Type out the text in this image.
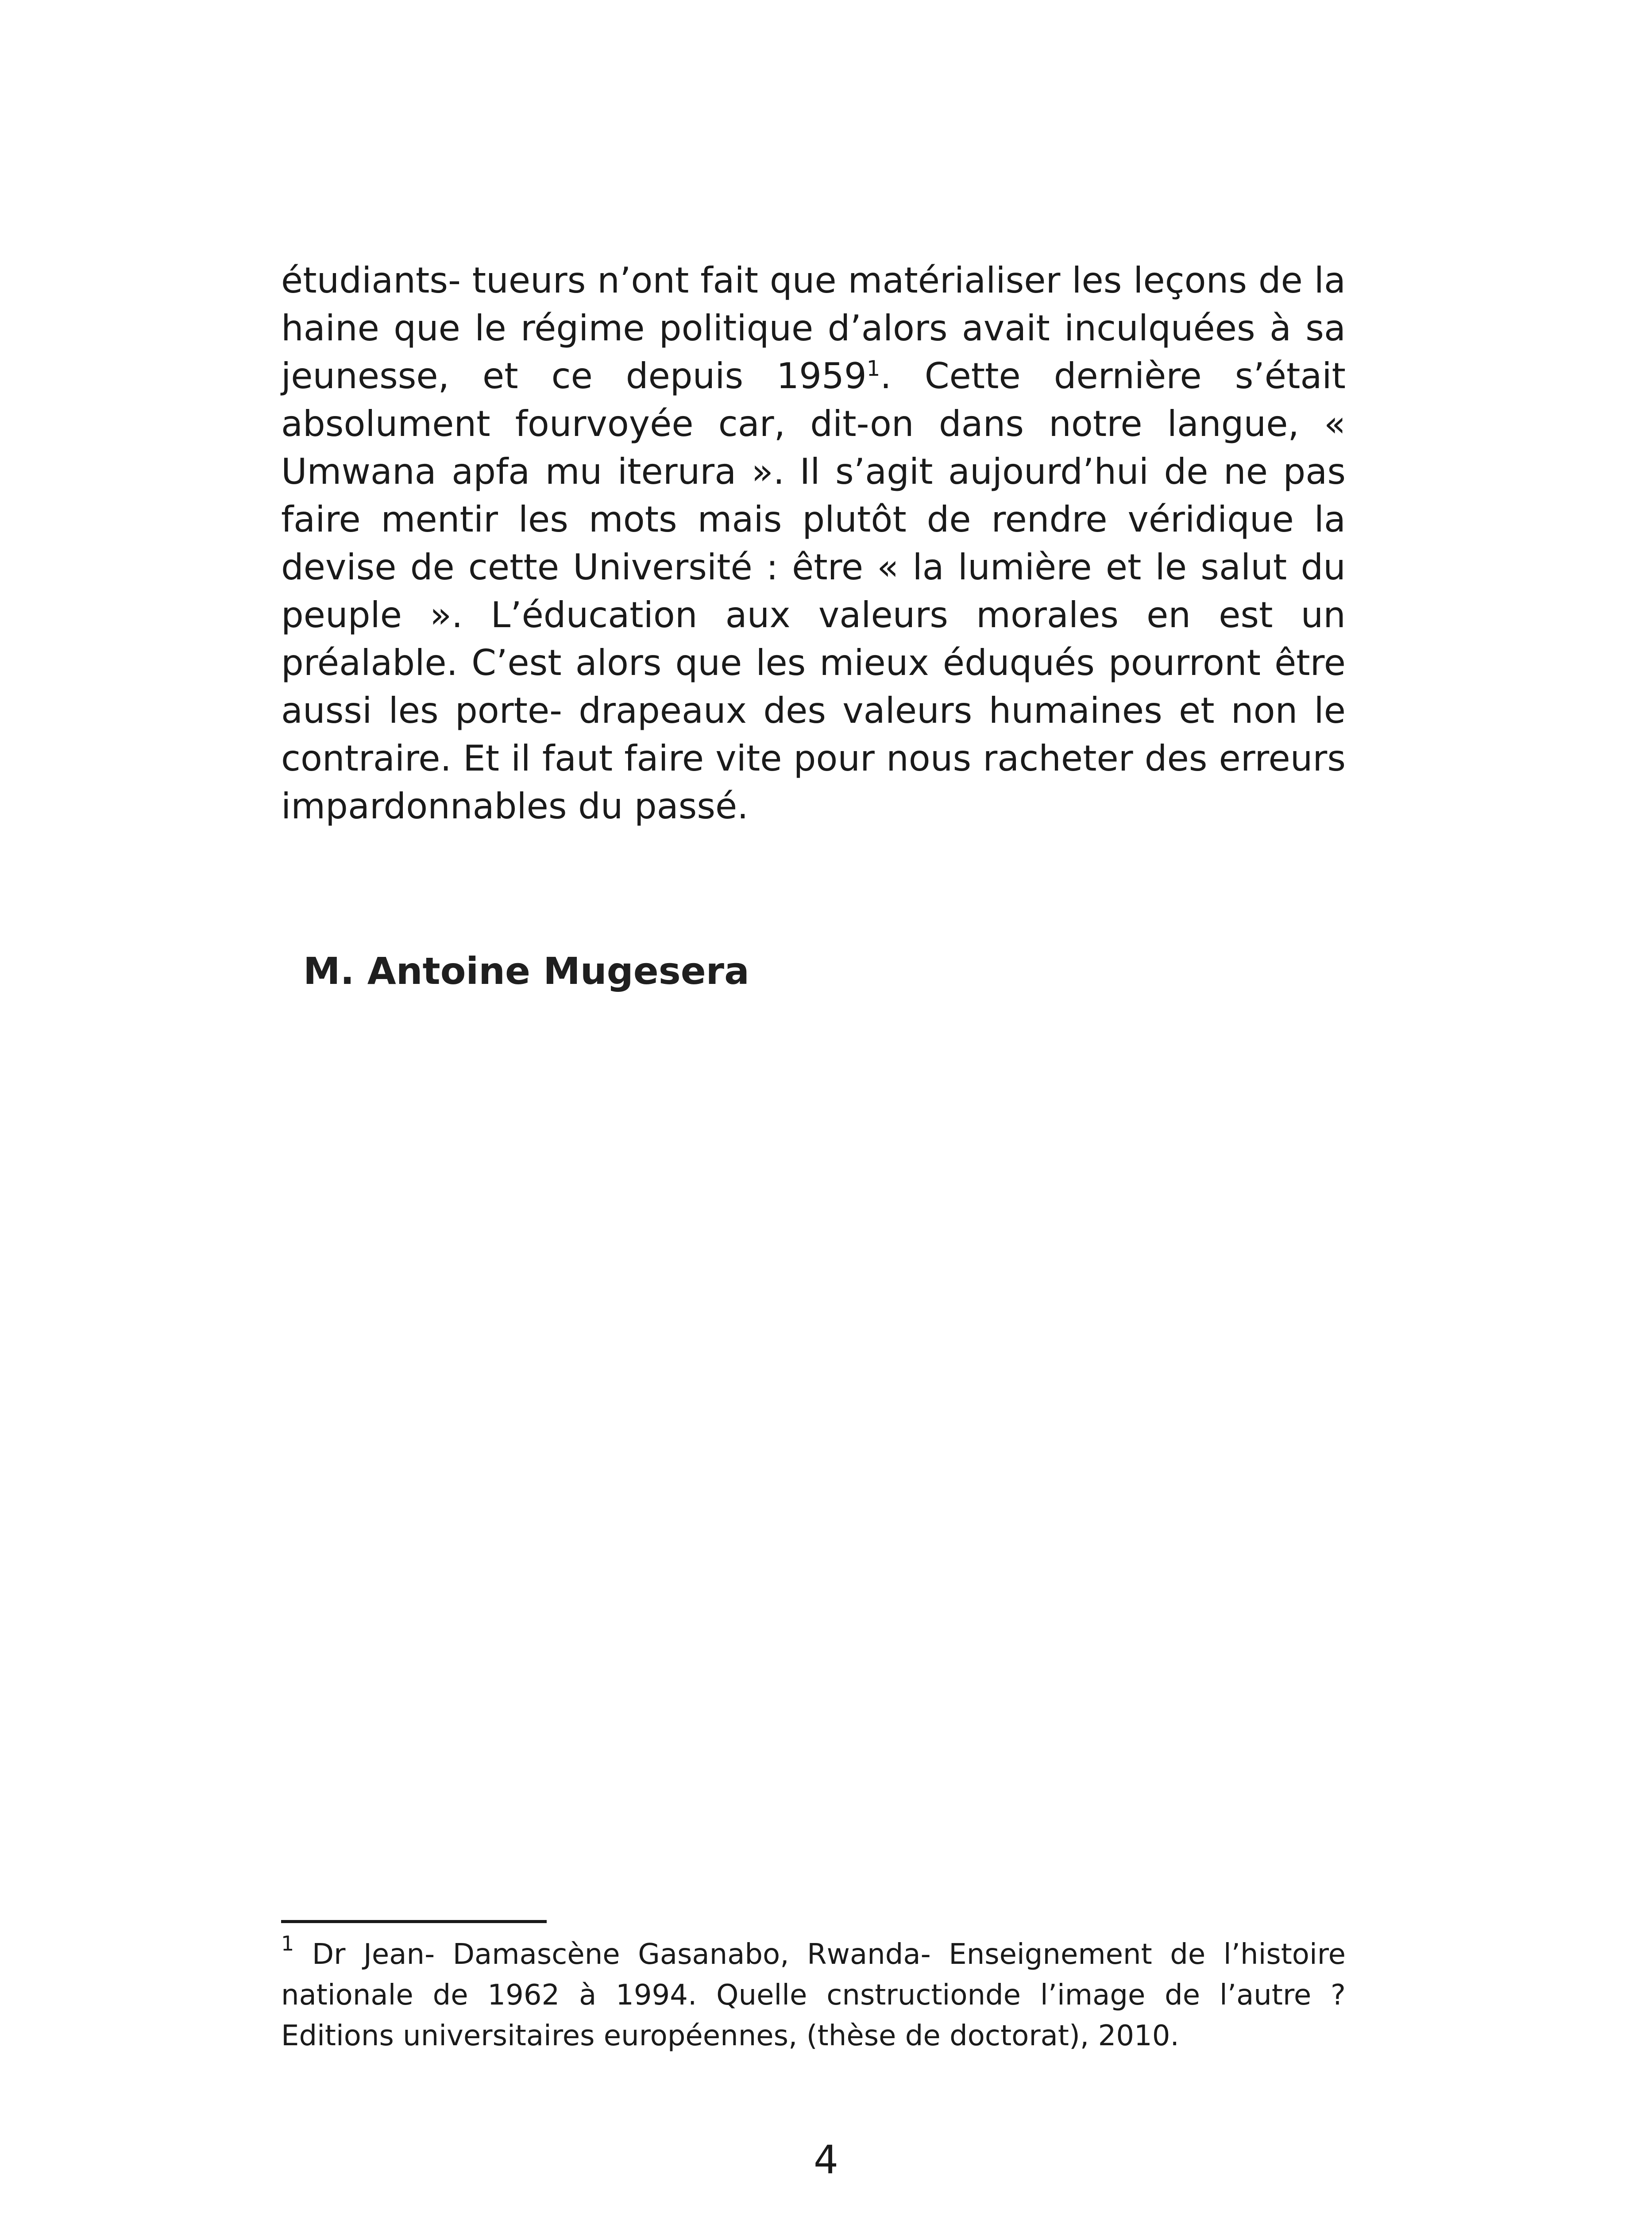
étudiants- tueurs n’ont fait que matérialiser les leçons de la haine que le régime politique d’alors avait inculquées à sa jeunesse, et ce depuis 1959$^1$. Cette dernière s’était absolument fourvoyée car, dit-on dans notre langue, « Umwana apfa mu iterura ». Il s’agit aujourd’hui de ne pas faire mentir les mots mais plutôt de rendre véridique la devise de cette Université : être « la lumière et le salut du peuple ». L’éducation aux valeurs morales en est un préalable. C’est alors que les mieux éduqués pourront être aussi les porte- drapeaux des valeurs humaines et non le contraire. Et il faut faire vite pour nous racheter des erreurs impardonnables du passé.

M. Antoine Mugesera

$^1$ Dr Jean- Damascène Gasanabo, Rwanda- Enseignement de l’histoire nationale de 1962 à 1994. Quelle cnstructionde l’image de l’autre ? Editions universitaires européennes, (thèse de doctorat), 2010.

4
